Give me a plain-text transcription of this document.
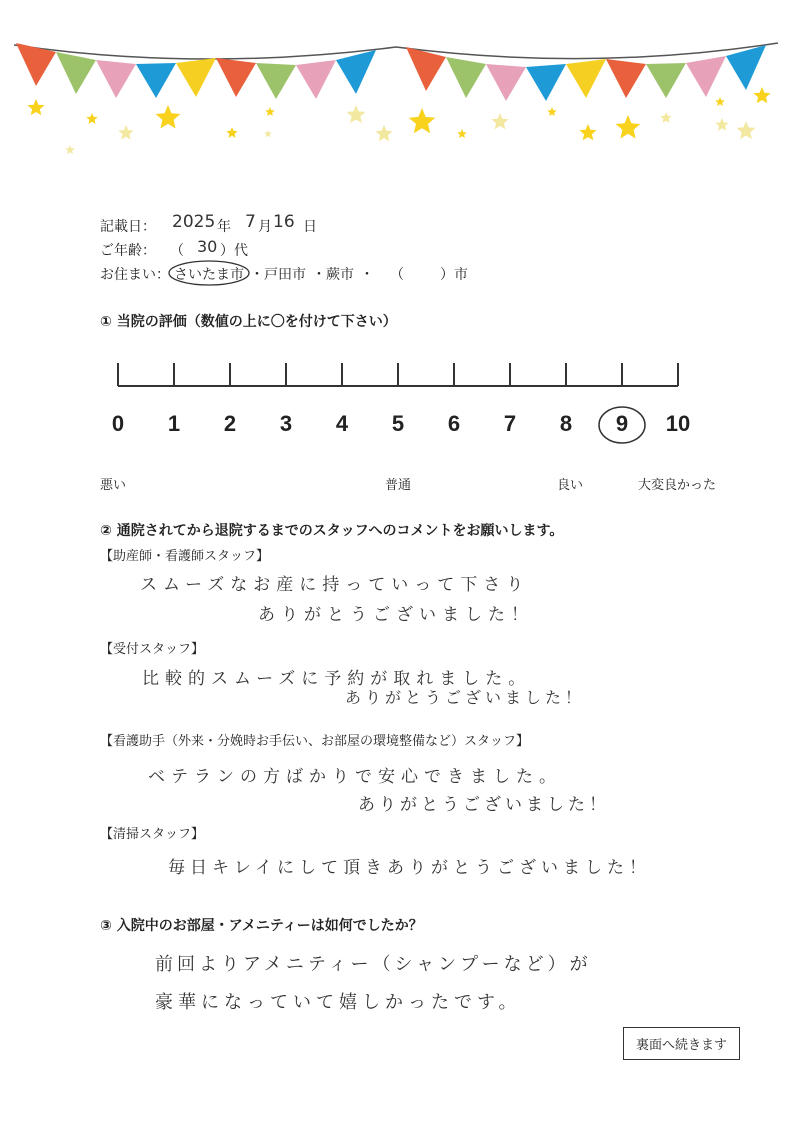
記載日： 2025 年 7 月 16 日
ご年齢： （ 30 ）代
お住まい： さいたま市 ・戸田市 ・蕨市 ・ （	）市
① 当院の評価（数値の上に〇を付けて下さい）
0	1	2	3	4	5	6	7	8	9	10
悪い	普通	良い	大変良かった
② 通院されてから退院するまでのスタッフへのコメントをお願いします。
【助産師・看護師スタッフ】
スムーズなお産に持っていって下さり
ありがとうございました！
【受付スタッフ】
比較的スムーズに予約が取れました。
ありがとうございました！
【看護助手（外来・分娩時お手伝い、お部屋の環境整備など）スタッフ】
ベテランの方ばかりで安心できました。
ありがとうございました！
【清掃スタッフ】
毎日キレイにして頂きありがとうございました！
③ 入院中のお部屋・アメニティーは如何でしたか？
前回よりアメニティー（シャンプーなど）が
豪華になっていて嬉しかったです。
裏面へ続きます
